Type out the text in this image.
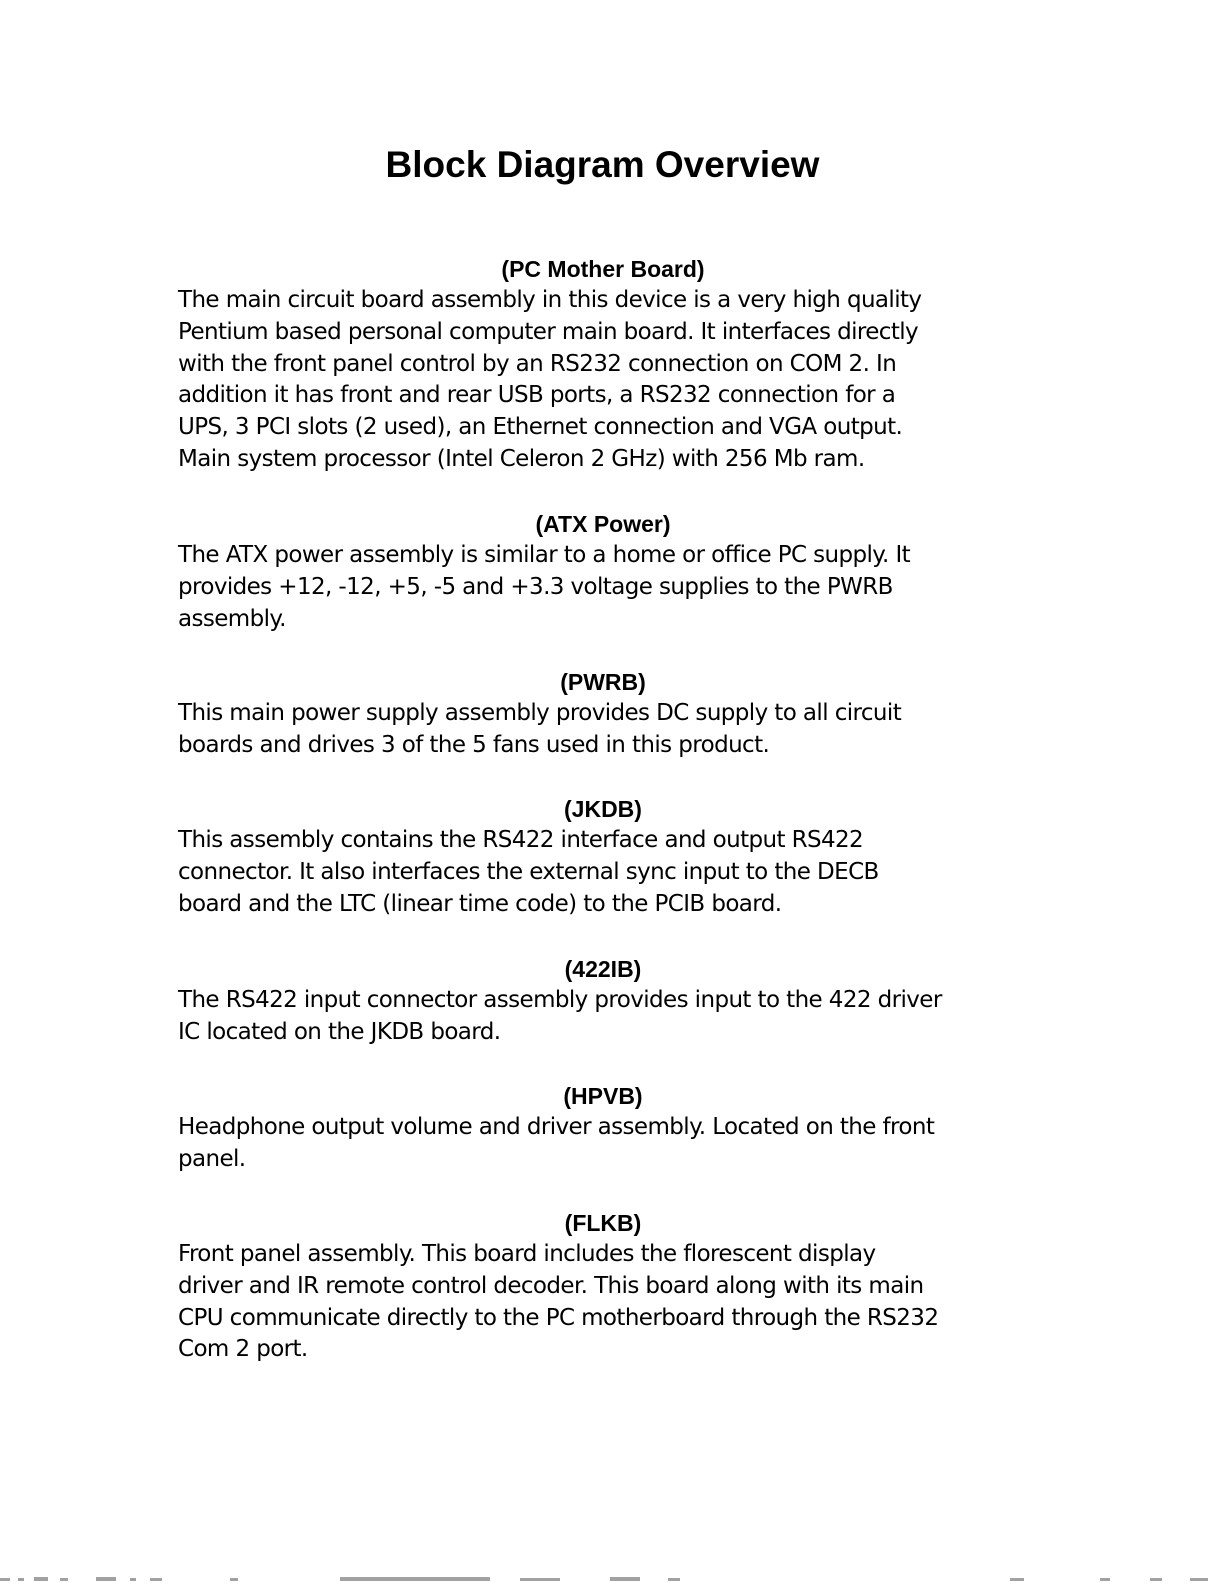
Block Diagram Overview
(PC Mother Board)

The main circuit board assembly in this device is a very high quality
Pentium based personal computer main board. It interfaces directly
with the front panel control by an RS232 connection on COM 2. In
addition it has front and rear USB ports, a RS232 connection for a
UPS, 3 PCI slots (2 used), an Ethernet connection and VGA output.
Main system processor (Intel Celeron 2 GHz) with 256 Mb ram.

(ATX Power)

The ATX power assembly is similar to a home or office PC supply. It
provides +12, -12, +5, -5 and +3.3 voltage supplies to the PWRB
assembly.

(PWRB)

This main power supply assembly provides DC supply to all circuit
boards and drives 3 of the 5 fans used in this product.

(JKDB)

This assembly contains the RS422 interface and output RS422
connector. It also interfaces the external sync input to the DECB
board and the LTC (linear time code) to the PCIB board.

(422IB)

The RS422 input connector assembly provides input to the 422 driver
IC located on the JKDB board.

(HPVB)

Headphone output volume and driver assembly. Located on the front
panel.

(FLKB)

Front panel assembly. This board includes the florescent display
driver and IR remote control decoder. This board along with its main
CPU communicate directly to the PC motherboard through the RS232
Com 2 port.
